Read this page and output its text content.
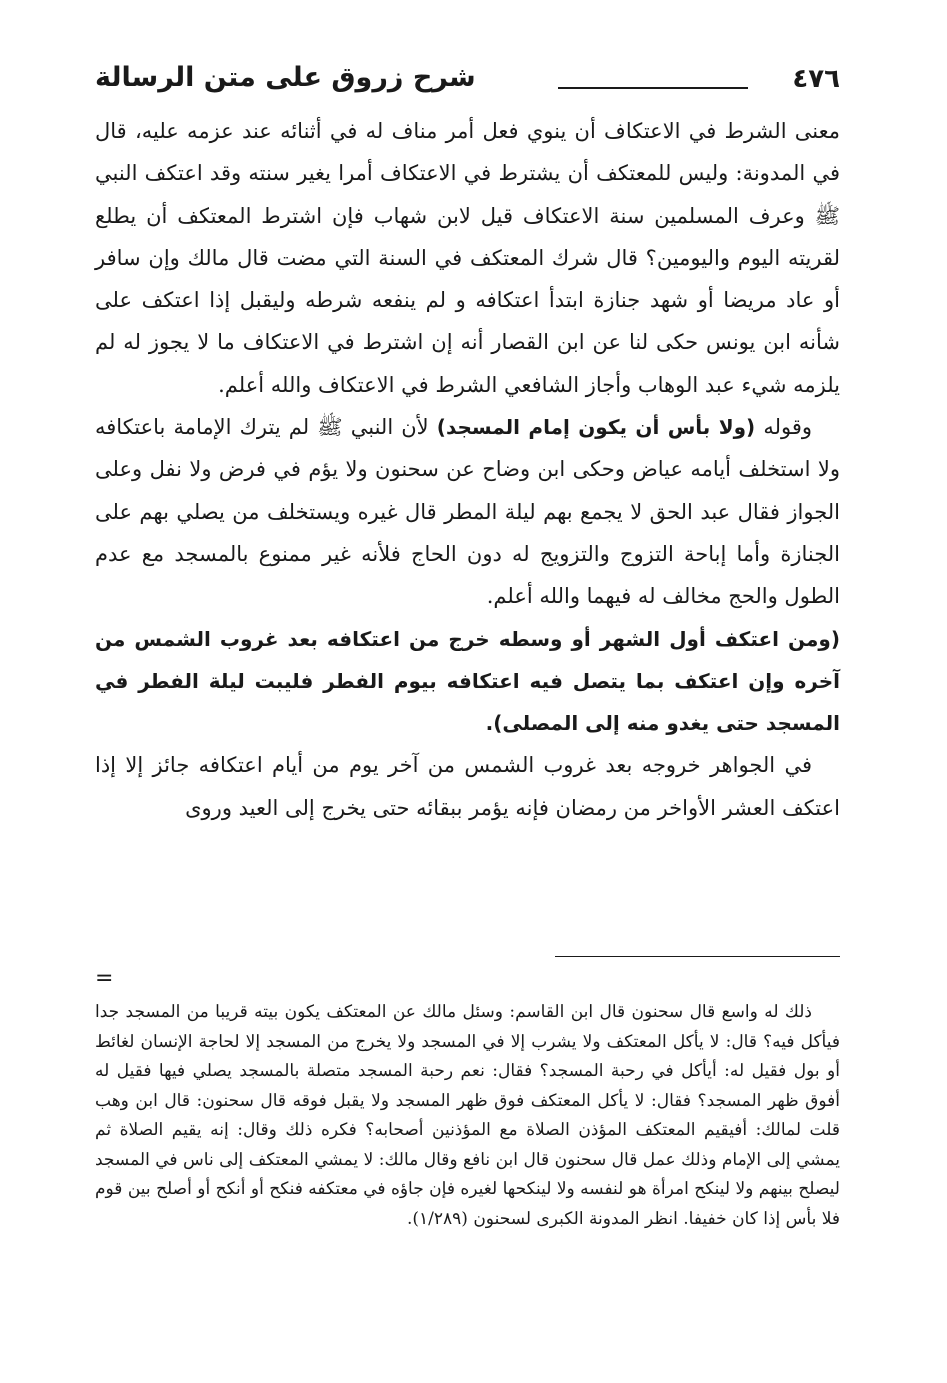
٤٧٦
شرح زروق على متن الرسالة

معنى الشرط في الاعتكاف أن ينوي فعل أمر مناف له في أثنائه عند عزمه عليه، قال في المدونة: وليس للمعتكف أن يشترط في الاعتكاف أمرا يغير سنته وقد اعتكف النبي ﷺ وعرف المسلمين سنة الاعتكاف قيل لابن شهاب فإن اشترط المعتكف أن يطلع لقريته اليوم واليومين؟ قال شرك المعتكف في السنة التي مضت قال مالك وإن سافر أو عاد مريضا أو شهد جنازة ابتدأ اعتكافه و لم ينفعه شرطه وليقبل إذا اعتكف على شأنه ابن يونس حكى لنا عن ابن القصار أنه إن اشترط في الاعتكاف ما لا يجوز له لم يلزمه شيء عبد الوهاب وأجاز الشافعي الشرط في الاعتكاف والله أعلم.

وقوله (ولا بأس أن يكون إمام المسجد) لأن النبي ﷺ لم يترك الإمامة باعتكافه ولا استخلف أيامه عياض وحكى ابن وضاح عن سحنون ولا يؤم في فرض ولا نفل وعلى الجواز فقال عبد الحق لا يجمع بهم ليلة المطر قال غيره ويستخلف من يصلي بهم على الجنازة وأما إباحة التزوج والتزويج له دون الحاج فلأنه غير ممنوع بالمسجد مع عدم الطول والحج مخالف له فيهما والله أعلم.

(ومن اعتكف أول الشهر أو وسطه خرج من اعتكافه بعد غروب الشمس من آخره وإن اعتكف بما يتصل فيه اعتكافه بيوم الفطر فليبت ليلة الفطر في المسجد حتى يغدو منه إلى المصلى).

في الجواهر خروجه بعد غروب الشمس من آخر يوم من أيام اعتكافه جائز إلا إذا اعتكف العشر الأواخر من رمضان فإنه يؤمر ببقائه حتى يخرج إلى العيد وروى

=

ذلك له واسع قال سحنون قال ابن القاسم: وسئل مالك عن المعتكف يكون بيته قريبا من المسجد جدا فيأكل فيه؟ قال: لا يأكل المعتكف ولا يشرب إلا في المسجد ولا يخرج من المسجد إلا لحاجة الإنسان لغائط أو بول فقيل له: أيأكل في رحبة المسجد؟ فقال: نعم رحبة المسجد متصلة بالمسجد يصلي فيها فقيل له أفوق ظهر المسجد؟ فقال: لا يأكل المعتكف فوق ظهر المسجد ولا يقبل فوقه قال سحنون: قال ابن وهب قلت لمالك: أفيقيم المعتكف المؤذن الصلاة مع المؤذنين أصحابه؟ فكره ذلك وقال: إنه يقيم الصلاة ثم يمشي إلى الإمام وذلك عمل قال سحنون قال ابن نافع وقال مالك: لا يمشي المعتكف إلى ناس في المسجد ليصلح بينهم ولا لينكح امرأة هو لنفسه ولا لينكحها لغيره فإن جاؤه في معتكفه فنكح أو أنكح أو أصلح بين قوم فلا بأس إذا كان خفيفا. انظر المدونة الكبرى لسحنون (١/٢٨٩).
